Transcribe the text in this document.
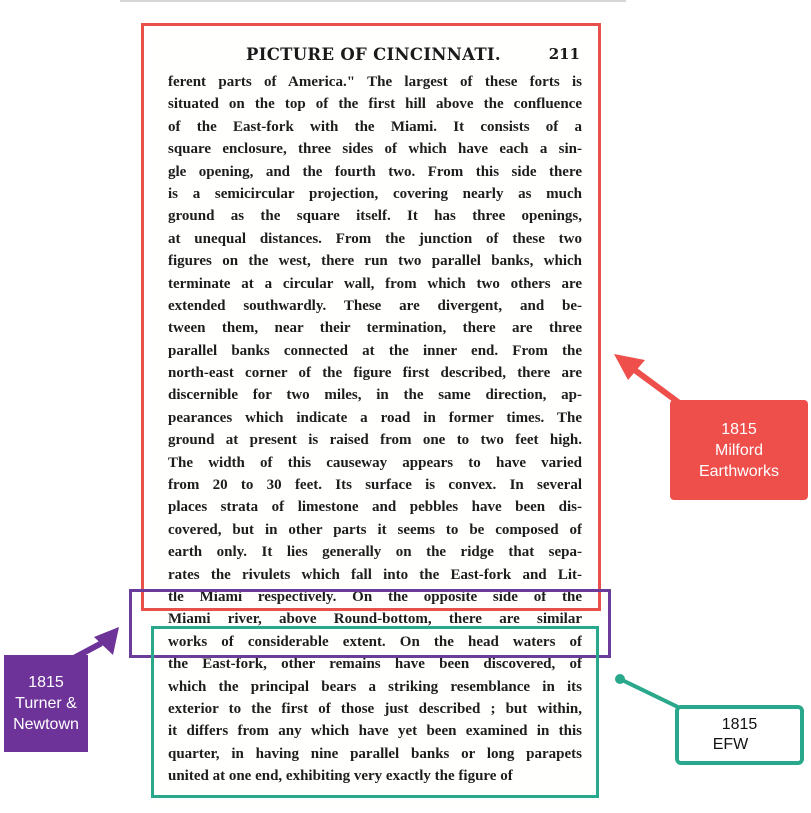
PICTURE OF CINCINNATI.	211
ferent parts of America." The largest of these forts is
situated on the top of the first hill above the confluence
of the East-fork with the Miami. It consists of a
square enclosure, three sides of which have each a sin-
gle opening, and the fourth two. From this side there
is a semicircular projection, covering nearly as much
ground as the square itself. It has three openings,
at unequal distances. From the junction of these two
figures on the west, there run two parallel banks, which
terminate at a circular wall, from which two others are
extended southwardly. These are divergent, and be-
tween them, near their termination, there are three
parallel banks connected at the inner end. From the
north-east corner of the figure first described, there are
discernible for two miles, in the same direction, ap-
pearances which indicate a road in former times. The
ground at present is raised from one to two feet high.
The width of this causeway appears to have varied
from 20 to 30 feet. Its surface is convex. In several
places strata of limestone and pebbles have been dis-
covered, but in other parts it seems to be composed of
earth only. It lies generally on the ridge that sepa-
rates the rivulets which fall into the East-fork and Lit-
tle Miami respectively. On the opposite side of the
Miami river, above Round-bottom, there are similar
works of considerable extent. On the head waters of
the East-fork, other remains have been discovered, of
which the principal bears a striking resemblance in its
exterior to the first of those just described ; but within,
it differs from any which have yet been examined in this
quarter, in having nine parallel banks or long parapets
united at one end, exhibiting very exactly the figure of
1815
Milford
Earthworks
1815
Turner &
Newtown	1815
EFW
